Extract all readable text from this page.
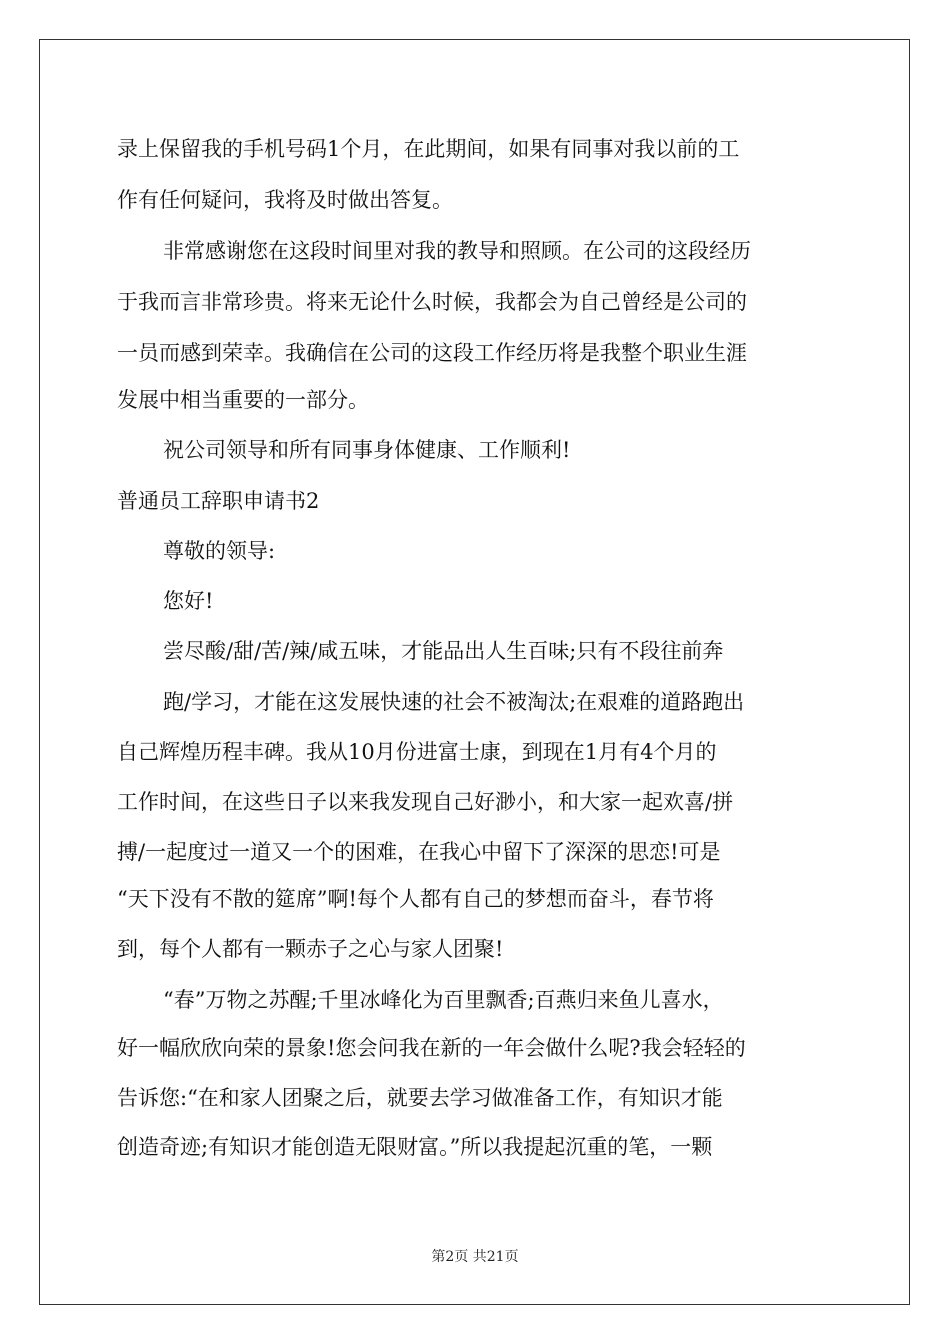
录上保留我的手机号码1个月，在此期间，如果有同事对我以前的工
作有任何疑问，我将及时做出答复。
非常感谢您在这段时间里对我的教导和照顾。在公司的这段经历
于我而言非常珍贵。将来无论什么时候，我都会为自己曾经是公司的
一员而感到荣幸。我确信在公司的这段工作经历将是我整个职业生涯
发展中相当重要的一部分。
祝公司领导和所有同事身体健康、工作顺利!
普通员工辞职申请书2
尊敬的领导:
您好!
尝尽酸/甜/苦/辣/咸五味，才能品出人生百味;只有不段往前奔
跑/学习，才能在这发展快速的社会不被淘汰;在艰难的道路跑出
自己辉煌历程丰碑。我从10月份进富士康，到现在1月有4个月的
工作时间，在这些日子以来我发现自己好渺小，和大家一起欢喜/拼
搏/一起度过一道又一个的困难，在我心中留下了深深的思恋!可是
“天下没有不散的筵席”啊!每个人都有自己的梦想而奋斗，春节将
到，每个人都有一颗赤子之心与家人团聚!
“春”万物之苏醒;千里冰峰化为百里飘香;百燕归来鱼儿喜水，
好一幅欣欣向荣的景象!您会问我在新的一年会做什么呢?我会轻轻的
告诉您:“在和家人团聚之后，就要去学习做准备工作，有知识才能
创造奇迹;有知识才能创造无限财富。”所以我提起沉重的笔，一颗
第2页 共21页
